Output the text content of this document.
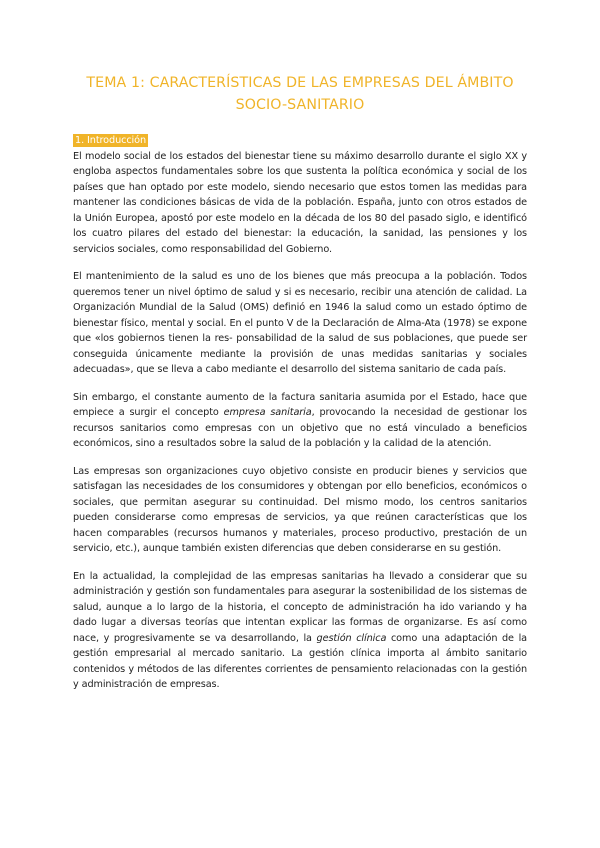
TEMA 1: CARACTERÍSTICAS DE LAS EMPRESAS DEL ÁMBITO
SOCIO-SANITARIO
1. Introducción

El modelo social de los estados del bienestar tiene su máximo desarrollo durante el siglo XX y engloba aspectos fundamentales sobre los que sustenta la política económica y social de los países que han optado por este modelo, siendo necesario que estos tomen las medidas para mantener las condiciones básicas de vida de la población. España, junto con otros estados de la Unión Europea, apostó por este modelo en la década de los 80 del pasado siglo, e identificó los cuatro pilares del estado del bienestar: la educación, la sanidad, las pensiones y los servicios sociales, como responsabilidad del Gobierno.

El mantenimiento de la salud es uno de los bienes que más preocupa a la población. Todos queremos tener un nivel óptimo de salud y si es necesario, recibir una atención de calidad. La Organización Mundial de la Salud (OMS) definió en 1946 la salud como un estado óptimo de bienestar físico, mental y social. En el punto V de la Declaración de Alma-Ata (1978) se expone que «los gobiernos tienen la res- ponsabilidad de la salud de sus poblaciones, que puede ser conseguida únicamente mediante la provisión de unas medidas sanitarias y sociales adecuadas», que se lleva a cabo mediante el desarrollo del sistema sanitario de cada país.

Sin embargo, el constante aumento de la factura sanitaria asumida por el Estado, hace que empiece a surgir el concepto empresa sanitaria, provocando la necesidad de gestionar los recursos sanitarios como empresas con un objetivo que no está vinculado a beneficios económicos, sino a resultados sobre la salud de la población y la calidad de la atención.

Las empresas son organizaciones cuyo objetivo consiste en producir bienes y servicios que satisfagan las necesidades de los consumidores y obtengan por ello beneficios, económicos o sociales, que permitan asegurar su continuidad. Del mismo modo, los centros sanitarios pueden considerarse como empresas de servicios, ya que reúnen características que los hacen comparables (recursos humanos y materiales, proceso productivo, prestación de un servicio, etc.), aunque también existen diferencias que deben considerarse en su gestión.

En la actualidad, la complejidad de las empresas sanitarias ha llevado a considerar que su administración y gestión son fundamentales para asegurar la sostenibilidad de los sistemas de salud, aunque a lo largo de la historia, el concepto de administración ha ido variando y ha dado lugar a diversas teorías que intentan explicar las formas de organizarse. Es así como nace, y progresivamente se va desarrollando, la gestión clínica como una adaptación de la gestión empresarial al mercado sanitario. La gestión clínica importa al ámbito sanitario contenidos y métodos de las diferentes corrientes de pensamiento relacionadas con la gestión y administración de empresas.
